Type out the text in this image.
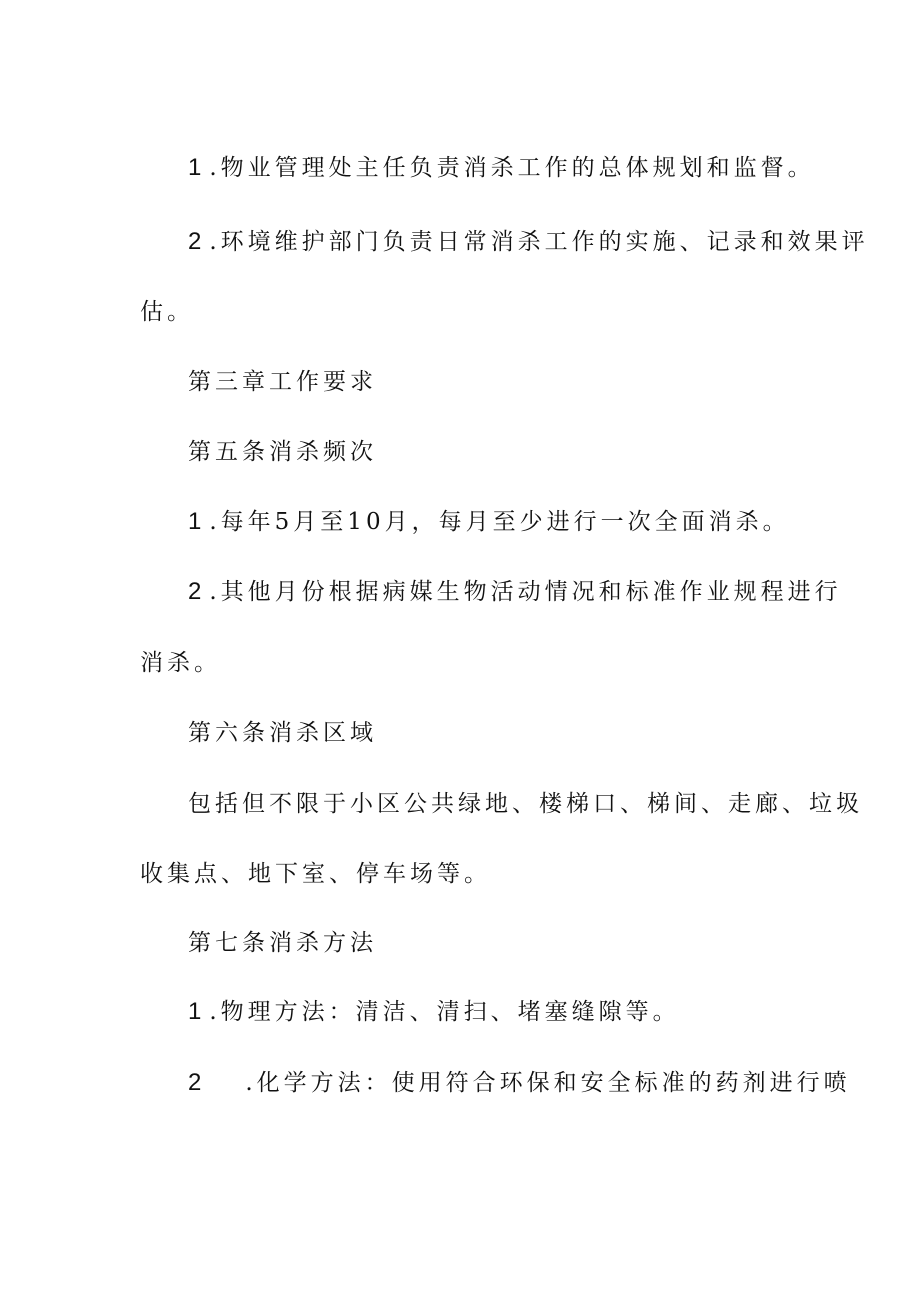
1.物业管理处主任负责消杀工作的总体规划和监督。
2.环境维护部门负责日常消杀工作的实施、记录和效果评
估。
第三章工作要求
第五条消杀频次
1.每年5月至10月，每月至少进行一次全面消杀。
2.其他月份根据病媒生物活动情况和标准作业规程进行
消杀。
第六条消杀区域
包括但不限于小区公共绿地、楼梯口、梯间、走廊、垃圾
收集点、地下室、停车场等。
第七条消杀方法
1.物理方法：清洁、清扫、堵塞缝隙等。
2.化学方法：使用符合环保和安全标准的药剂进行喷
